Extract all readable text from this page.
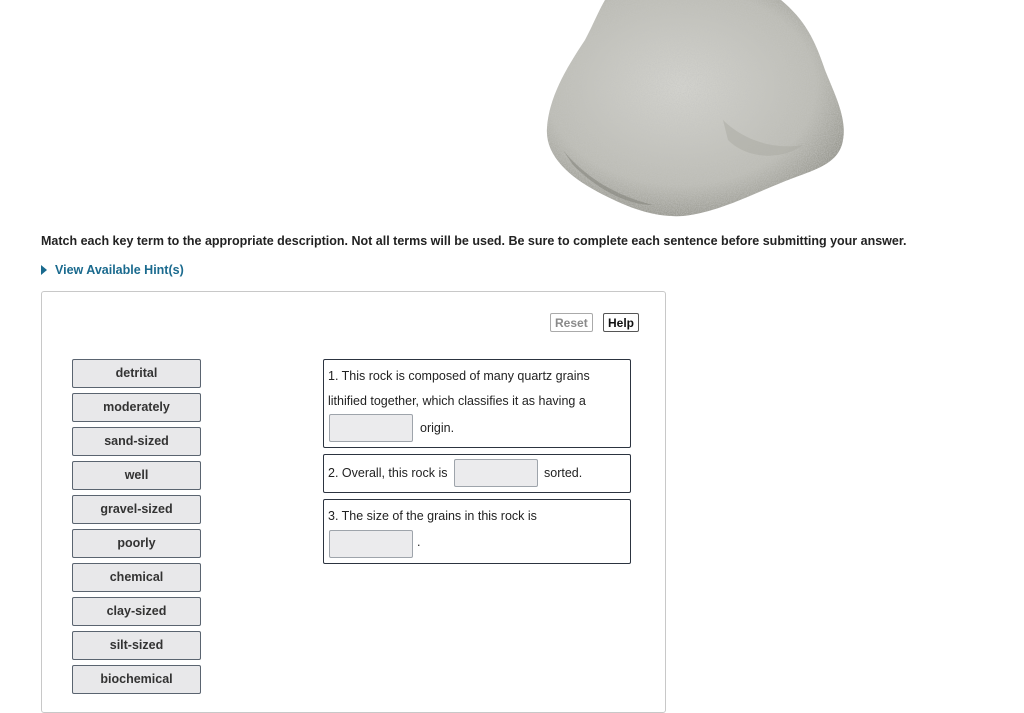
Match each key term to the appropriate description. Not all terms will be used. Be sure to complete each sentence before submitting your answer.
View Available Hint(s)
Reset	Help
detrital
moderately
sand-sized
well
gravel-sized
poorly
chemical
clay-sized
silt-sized
biochemical
1. This rock is composed of many quartz grains
lithified together, which classifies it as having a
origin.
2. Overall, this rock is	sorted.
3. The size of the grains in this rock is
.
